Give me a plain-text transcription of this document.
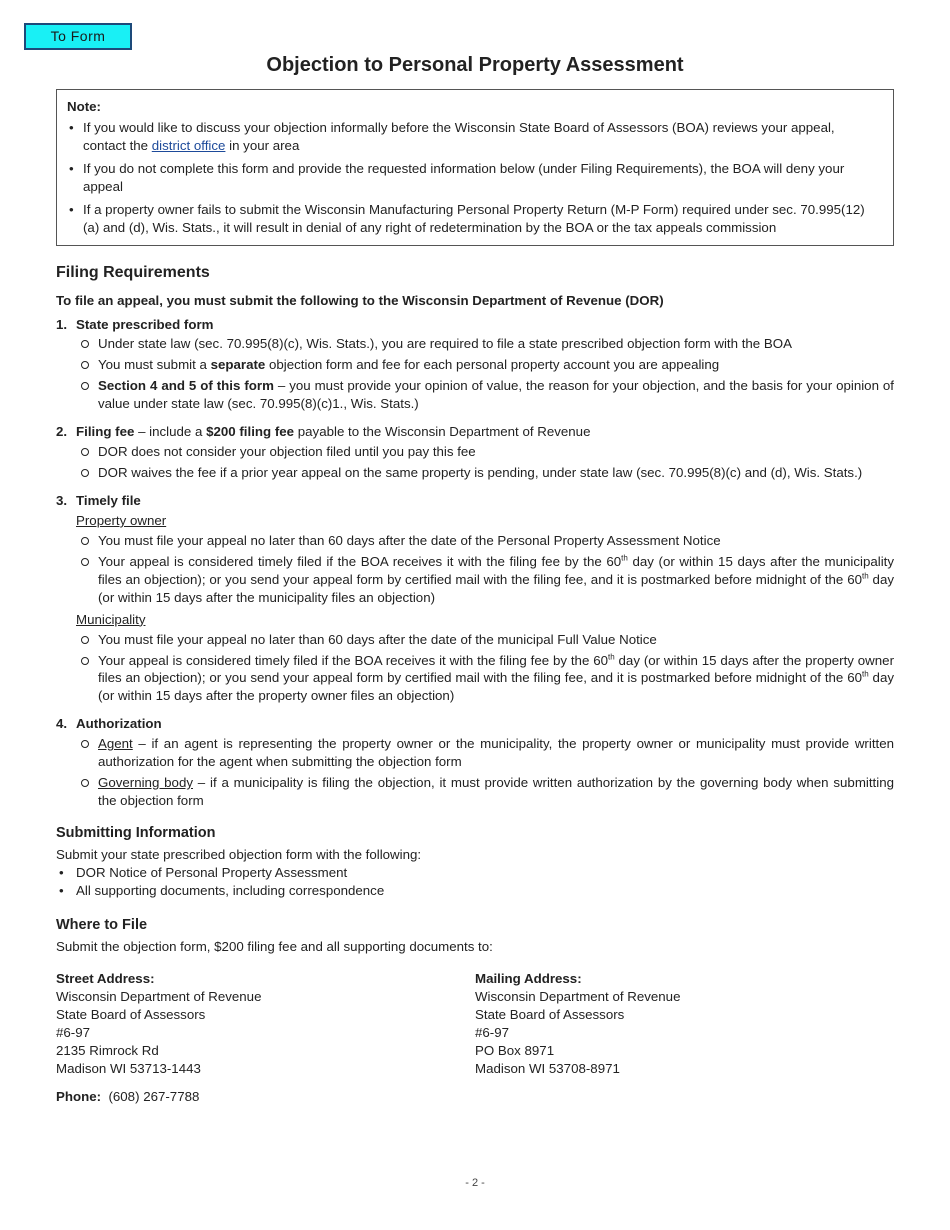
To Form
Objection to Personal Property Assessment
Note:
• If you would like to discuss your objection informally before the Wisconsin State Board of Assessors (BOA) reviews your appeal, contact the district office in your area
• If you do not complete this form and provide the requested information below (under Filing Requirements), the BOA will deny your appeal
• If a property owner fails to submit the Wisconsin Manufacturing Personal Property Return (M-P Form) required under sec. 70.995(12) (a) and (d), Wis. Stats., it will result in denial of any right of redetermination by the BOA or the tax appeals commission
Filing Requirements
To file an appeal, you must submit the following to the Wisconsin Department of Revenue (DOR)
1. State prescribed form
Under state law (sec. 70.995(8)(c), Wis. Stats.), you are required to file a state prescribed objection form with the BOA
You must submit a separate objection form and fee for each personal property account you are appealing
Section 4 and 5 of this form – you must provide your opinion of value, the reason for your objection, and the basis for your opinion of value under state law (sec. 70.995(8)(c)1., Wis. Stats.)
2. Filing fee – include a $200 filing fee payable to the Wisconsin Department of Revenue
DOR does not consider your objection filed until you pay this fee
DOR waives the fee if a prior year appeal on the same property is pending, under state law (sec. 70.995(8)(c) and (d), Wis. Stats.)
3. Timely file
Property owner
You must file your appeal no later than 60 days after the date of the Personal Property Assessment Notice
Your appeal is considered timely filed if the BOA receives it with the filing fee by the 60th day (or within 15 days after the municipality files an objection); or you send your appeal form by certified mail with the filing fee, and it is postmarked before midnight of the 60th day (or within 15 days after the municipality files an objection)
Municipality
You must file your appeal no later than 60 days after the date of the municipal Full Value Notice
Your appeal is considered timely filed if the BOA receives it with the filing fee by the 60th day (or within 15 days after the property owner files an objection); or you send your appeal form by certified mail with the filing fee, and it is postmarked before midnight of the 60th day (or within 15 days after the property owner files an objection)
4. Authorization
Agent – if an agent is representing the property owner or the municipality, the property owner or municipality must provide written authorization for the agent when submitting the objection form
Governing body – if a municipality is filing the objection, it must provide written authorization by the governing body when submitting the objection form
Submitting Information
Submit your state prescribed objection form with the following:
• DOR Notice of Personal Property Assessment
• All supporting documents, including correspondence
Where to File
Submit the objection form, $200 filing fee and all supporting documents to:
Street Address:
Wisconsin Department of Revenue
State Board of Assessors
#6-97
2135 Rimrock Rd
Madison WI 53713-1443
Mailing Address:
Wisconsin Department of Revenue
State Board of Assessors
#6-97
PO Box 8971
Madison WI 53708-8971
Phone: (608) 267-7788
- 2 -
